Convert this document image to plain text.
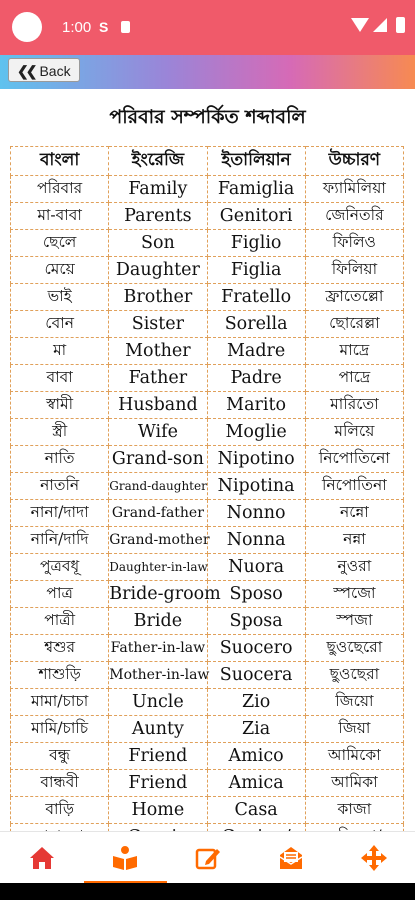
1:00 S
❮❮ Back
পরিবার সম্পর্কিত শব্দাবলি
বাংলা	ইংরেজি	ইতালিয়ান	উচ্চারণ
পরিবার	Family	Famiglia	ফ্যামিলিয়া
মা-বাবা	Parents	Genitori	জেনিতরি
ছেলে	Son	Figlio	ফিলিও
মেয়ে	Daughter	Figlia	ফিলিয়া
ভাই	Brother	Fratello	ফ্রাতেল্লো
বোন	Sister	Sorella	ছোরেল্লা
মা	Mother	Madre	মাদ্রে
বাবা	Father	Padre	পাদ্রে
স্বামী	Husband	Marito	মারিতো
স্ত্রী	Wife	Moglie	মলিয়ে
নাতি	Grand-son	Nipotino	নিপোতিনো
নাতনি	Grand-daughter	Nipotina	নিপোতিনা
নানা/দাদা	Grand-father	Nonno	নন্নো
নানি/দাদি	Grand-mother	Nonna	নন্না
পুত্রবধূ	Daughter-in-law	Nuora	নুওরা
পাত্র	Bride-groom	Sposo	স্পজো
পাত্রী	Bride	Sposa	স্পজা
শ্বশুর	Father-in-law	Suocero	ছুওছেরো
শাশুড়ি	Mother-in-law	Suocera	ছুওছেরা
মামা/চাচা	Uncle	Zio	জিয়ো
মামি/চাচি	Aunty	Zia	জিয়া
বন্ধু	Friend	Amico	আমিকো
বান্ধবী	Friend	Amica	আমিকা
বাড়ি	Home	Casa	কাজা
